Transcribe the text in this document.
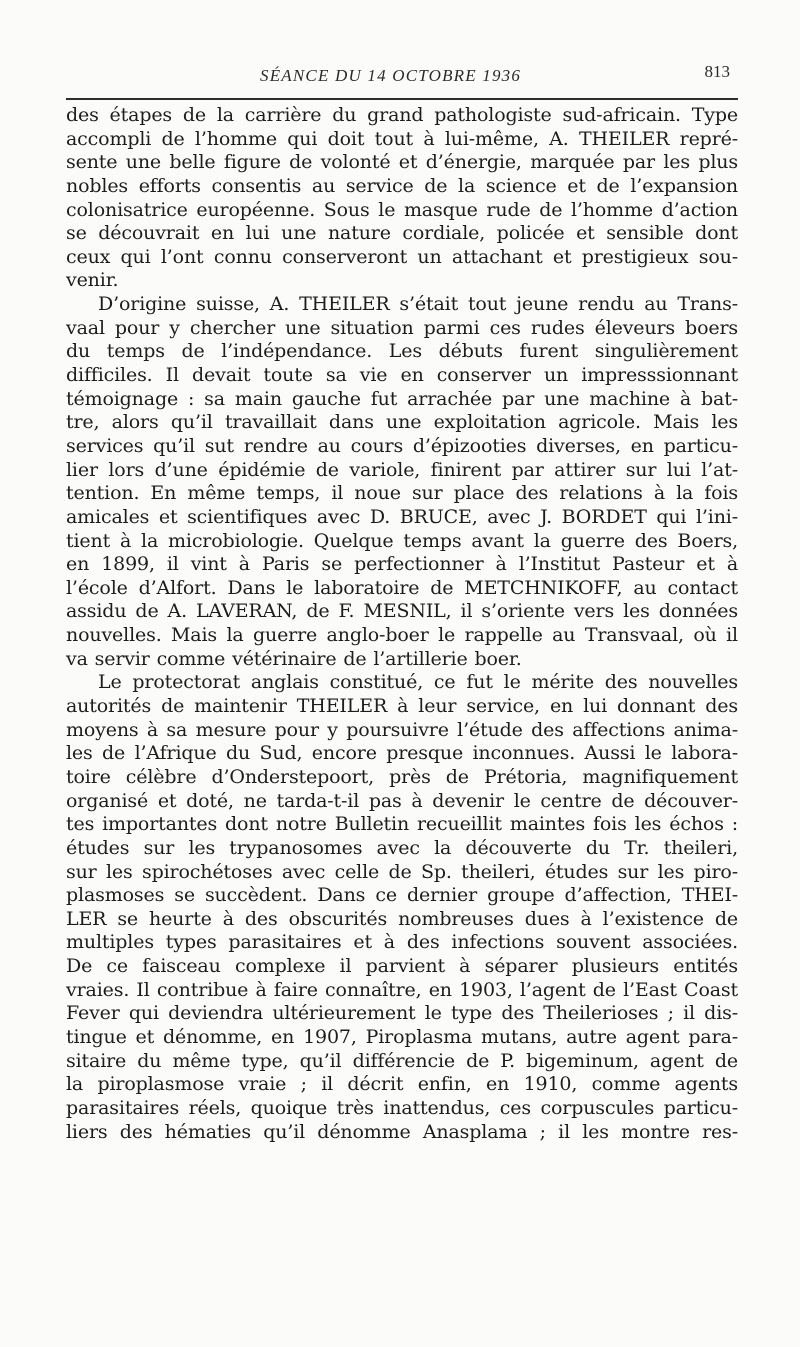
SÉANCE DU 14 OCTOBRE 1936	813
des étapes de la carrière du grand pathologiste sud-africain. Type
accompli de l’homme qui doit tout à lui-même, A. THEILER repré-
sente une belle figure de volonté et d’énergie, marquée par les plus
nobles efforts consentis au service de la science et de l’expansion
colonisatrice européenne. Sous le masque rude de l’homme d’action
se découvrait en lui une nature cordiale, policée et sensible dont
ceux qui l’ont connu conserveront un attachant et prestigieux sou-
venir.
D’origine suisse, A. THEILER s’était tout jeune rendu au Trans-
vaal pour y chercher une situation parmi ces rudes éleveurs boers
du temps de l’indépendance. Les débuts furent singulièrement
difficiles. Il devait toute sa vie en conserver un impresssionnant
témoignage : sa main gauche fut arrachée par une machine à bat-
tre, alors qu’il travaillait dans une exploitation agricole. Mais les
services qu’il sut rendre au cours d’épizooties diverses, en particu-
lier lors d’une épidémie de variole, finirent par attirer sur lui l’at-
tention. En même temps, il noue sur place des relations à la fois
amicales et scientifiques avec D. BRUCE, avec J. BORDET qui l’ini-
tient à la microbiologie. Quelque temps avant la guerre des Boers,
en 1899, il vint à Paris se perfectionner à l’Institut Pasteur et à
l’école d’Alfort. Dans le laboratoire de METCHNIKOFF, au contact
assidu de A. LAVERAN, de F. MESNIL, il s’oriente vers les données
nouvelles. Mais la guerre anglo-boer le rappelle au Transvaal, où il
va servir comme vétérinaire de l’artillerie boer.
Le protectorat anglais constitué, ce fut le mérite des nouvelles
autorités de maintenir THEILER à leur service, en lui donnant des
moyens à sa mesure pour y poursuivre l’étude des affections anima-
les de l’Afrique du Sud, encore presque inconnues. Aussi le labora-
toire célèbre d’Onderstepoort, près de Prétoria, magnifiquement
organisé et doté, ne tarda-t-il pas à devenir le centre de découver-
tes importantes dont notre Bulletin recueillit maintes fois les échos :
études sur les trypanosomes avec la découverte du Tr. theileri,
sur les spirochétoses avec celle de Sp. theileri, études sur les piro-
plasmoses se succèdent. Dans ce dernier groupe d’affection, THEI-
LER se heurte à des obscurités nombreuses dues à l’existence de
multiples types parasitaires et à des infections souvent associées.
De ce faisceau complexe il parvient à séparer plusieurs entités
vraies. Il contribue à faire connaître, en 1903, l’agent de l’East Coast
Fever qui deviendra ultérieurement le type des Theilerioses ; il dis-
tingue et dénomme, en 1907, Piroplasma mutans, autre agent para-
sitaire du même type, qu’il différencie de P. bigeminum, agent de
la piroplasmose vraie ; il décrit enfin, en 1910, comme agents
parasitaires réels, quoique très inattendus, ces corpuscules particu-
liers des hématies qu’il dénomme Anasplama ; il les montre res-
